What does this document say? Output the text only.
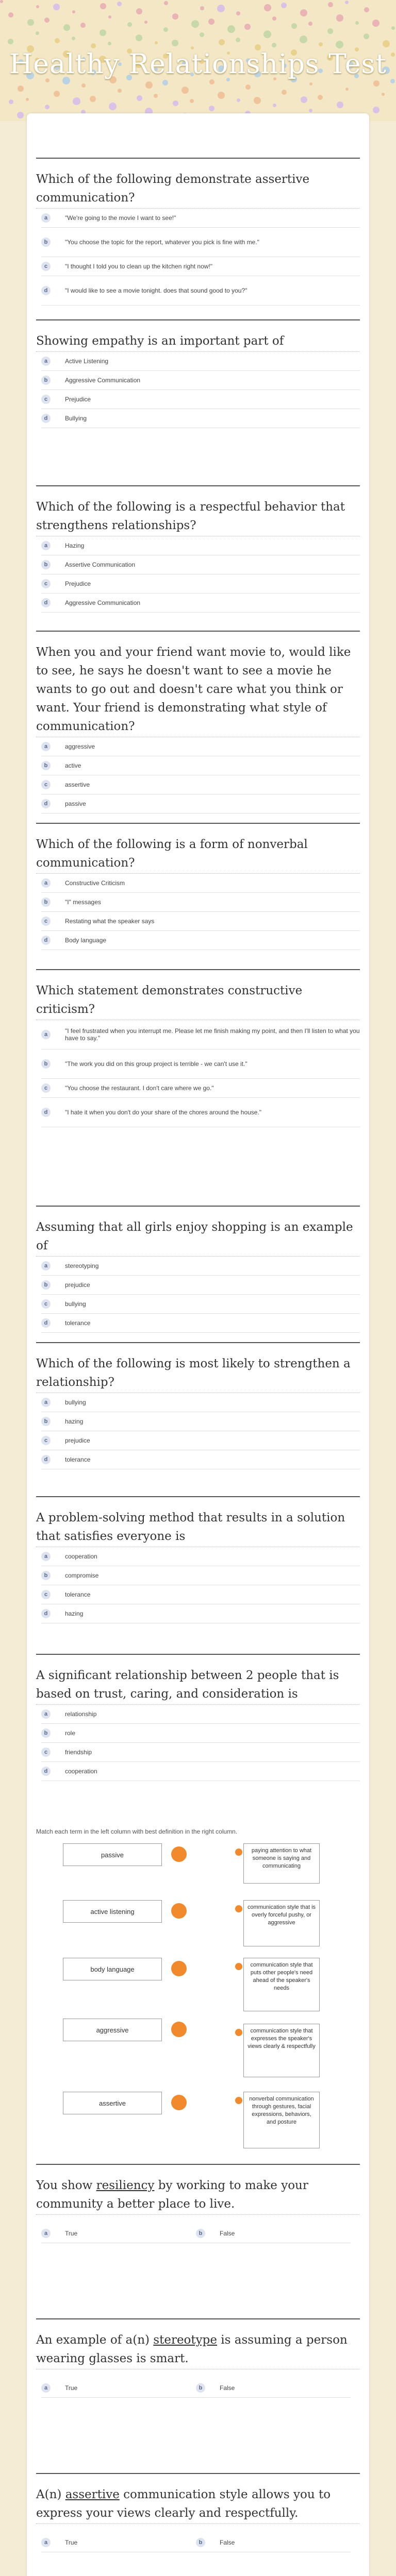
Healthy Relationships Test
Which of the following demonstrate assertive communication?
a	"We're going to the movie I want to see!"
b	"You choose the topic for the report, whatever you pick is fine with me."
c	"I thought I told you to clean up the kitchen right now!"
d	"I would like to see a movie tonight. does that sound good to you?"
Showing empathy is an important part of
a	Active Listening
b	Aggressive Communication
c	Prejudice
d	Bullying
Which of the following is a respectful behavior that strengthens relationships?
a	Hazing
b	Assertive Communication
c	Prejudice
d	Aggressive Communication
When you and your friend want movie to, would like to see, he says he doesn't want to see a movie he wants to go out and doesn't care what you think or want. Your friend is demonstrating what style of communication?
a	aggressive
b	active
c	assertive
d	passive
Which of the following is a form of nonverbal communication?
a	Constructive Criticism
b	"I" messages
c	Restating what the speaker says
d	Body language
Which statement demonstrates constructive criticism?
a	"I feel frustrated when you interrupt me. Please let me finish making my point, and then I'll listen to what you have to say."
b	"The work you did on this group project is terrible - we can't use it."
c	"You choose the restaurant. I don't care where we go."
d	"I hate it when you don't do your share of the chores around the house."
Assuming that all girls enjoy shopping is an example of
a	stereotyping
b	prejudice
c	bullying
d	tolerance
Which of the following is most likely to strengthen a relationship?
a	bullying
b	hazing
c	prejudice
d	tolerance
A problem-solving method that results in a solution that satisfies everyone is
a	cooperation
b	compromise
c	tolerance
d	hazing
A significant relationship between 2 people that is based on trust, caring, and consideration is
a	relationship
b	role
c	friendship
d	cooperation
Match each term in the left column with best definition in the right column.
passive
active listening
body language
aggressive
assertive
paying attention to what someone is saying and communicating
communication style that is overly forceful pushy, or aggressive
communication style that puts other people's need ahead of the speaker's needs
communication style that expresses the speaker's views clearly & respectfully
nonverbal communication through gestures, facial expressions, behaviors, and posture
You show resiliency by working to make your community a better place to live.
a	True	b	False
An example of a(n) stereotype is assuming a person wearing glasses is smart.
a	True	b	False
A(n) assertive communication style allows you to express your views clearly and respectfully.
a	True	b	False
